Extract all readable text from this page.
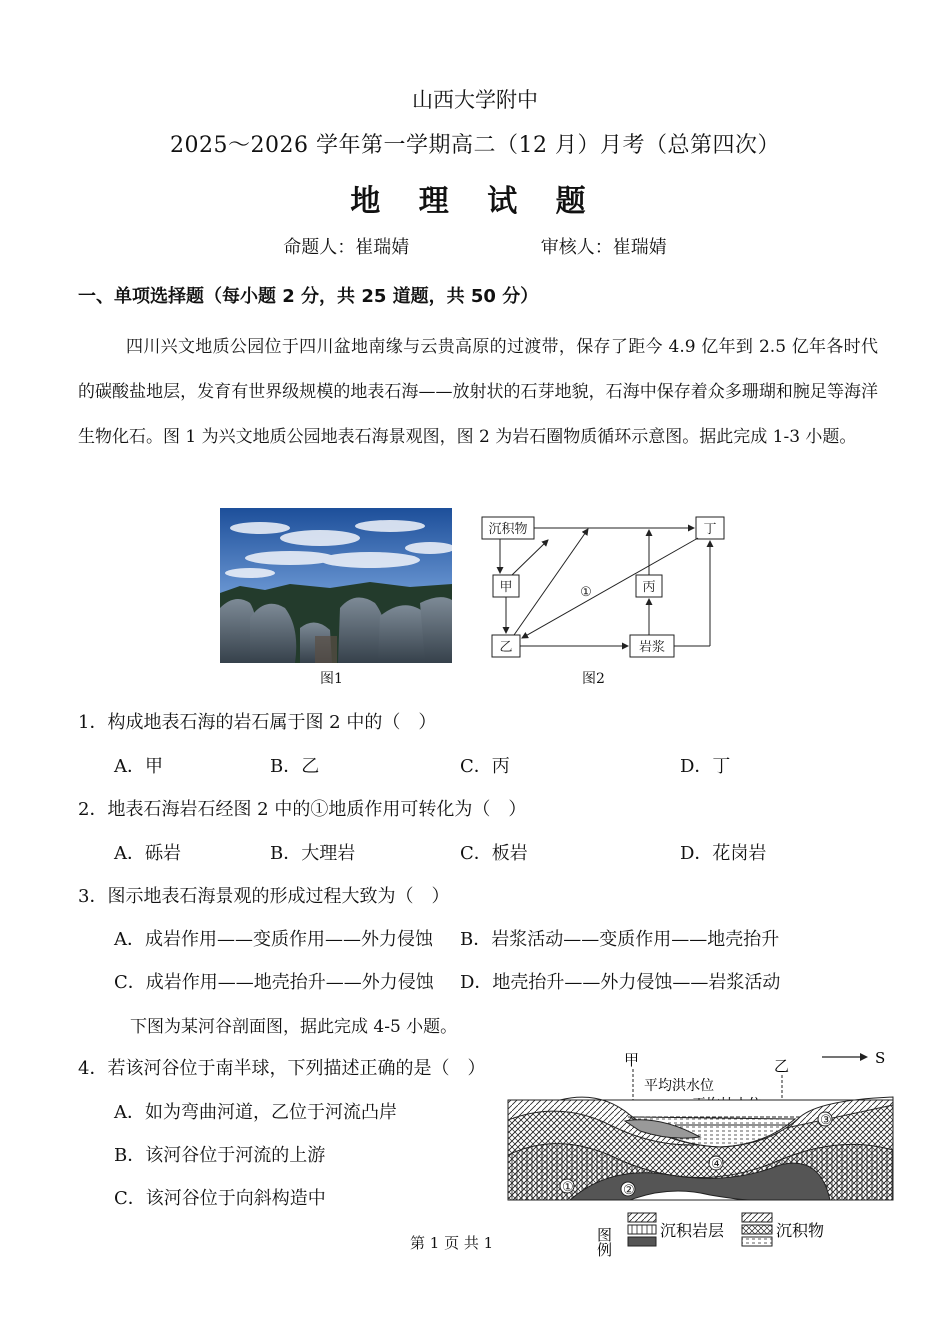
山西大学附中
2025～2026 学年第一学期高二（12 月）月考（总第四次）
地 理 试 题
命题人：崔瑞婧	审核人：崔瑞婧
一、单项选择题（每小题 2 分，共 25 道题，共 50 分）

四川兴文地质公园位于四川盆地南缘与云贵高原的过渡带，保存了距今 4.9 亿年到 2.5 亿年各时代的碳酸盐地层，发育有世界级规模的地表石海——放射状的石芽地貌，石海中保存着众多珊瑚和腕足等海洋生物化石。图 1 为兴文地质公园地表石海景观图，图 2 为岩石圈物质循环示意图。据此完成 1-3 小题。

图1
沉积物
甲
乙
丙
丁
岩浆
①
图2
1．构成地表石海的岩石属于图 2 中的（　）
A．甲	B．乙	C．丙	D．丁
2．地表石海岩石经图 2 中的①地质作用可转化为（　）
A．砾岩	B．大理岩	C．板岩	D．花岗岩
3．图示地表石海景观的形成过程大致为（　）
A．成岩作用——变质作用——外力侵蚀 B．岩浆活动——变质作用——地壳抬升
C．成岩作用——地壳抬升——外力侵蚀 D．地壳抬升——外力侵蚀——岩浆活动
下图为某河谷剖面图，据此完成 4-5 小题。
4．若该河谷位于南半球，下列描述正确的是（　）
A．如为弯曲河道，乙位于河流凸岸
B．该河谷位于河流的上游
C．该河谷位于向斜构造中
甲	乙	S
平均洪水位
①	②
③
④
图例	沉积岩层	沉积物
第 1 页 共 1
